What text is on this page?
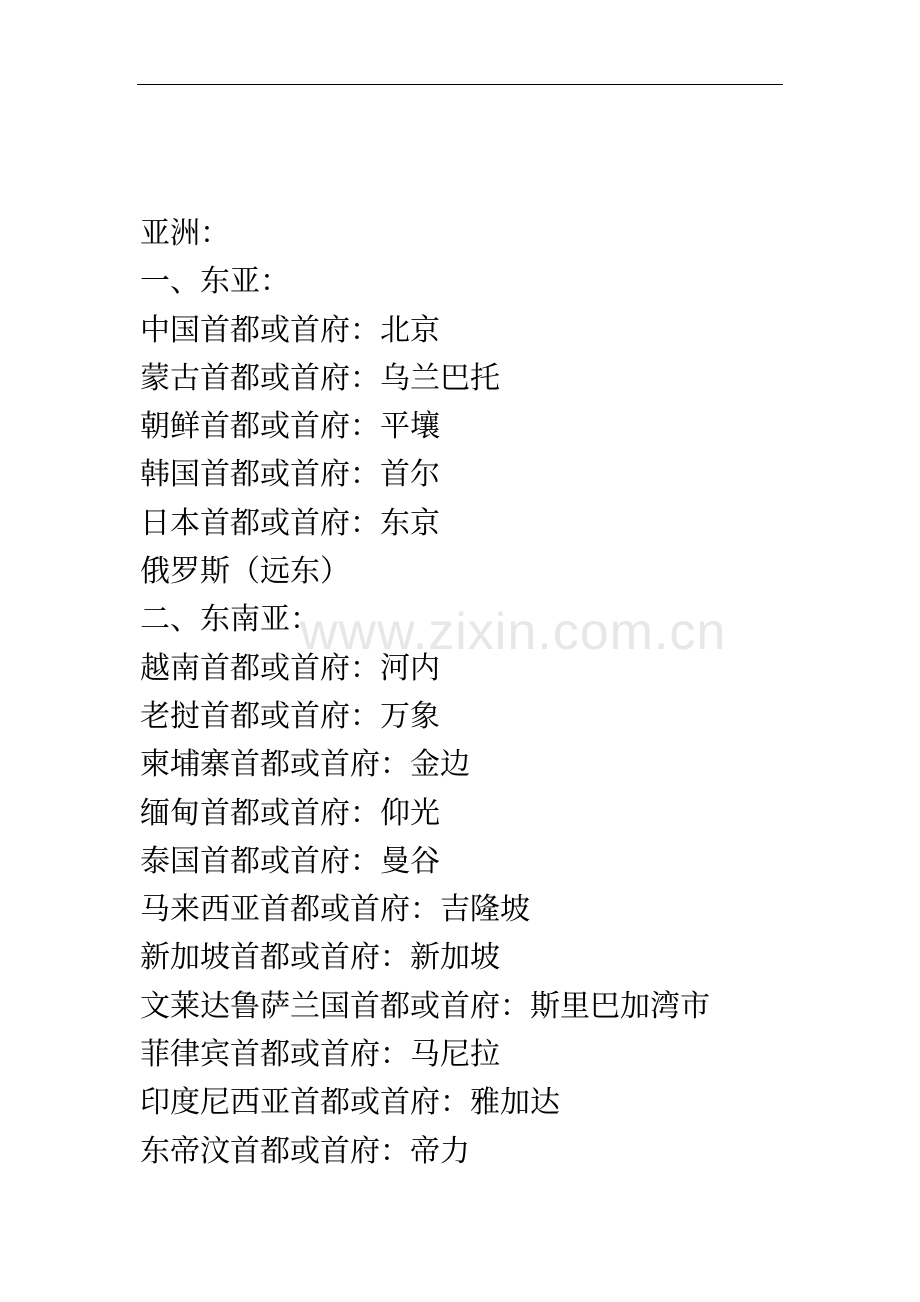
亚洲：
一、东亚：
中国首都或首府：北京
蒙古首都或首府：乌兰巴托
朝鲜首都或首府：平壤
韩国首都或首府：首尔
日本首都或首府：东京
俄罗斯（远东）
二、东南亚：
越南首都或首府：河内
老挝首都或首府：万象
柬埔寨首都或首府：金边
缅甸首都或首府：仰光
泰国首都或首府：曼谷
马来西亚首都或首府：吉隆坡
新加坡首都或首府：新加坡
文莱达鲁萨兰国首都或首府：斯里巴加湾市
菲律宾首都或首府：马尼拉
印度尼西亚首都或首府：雅加达
东帝汶首都或首府：帝力
www.zixin.com.cn
